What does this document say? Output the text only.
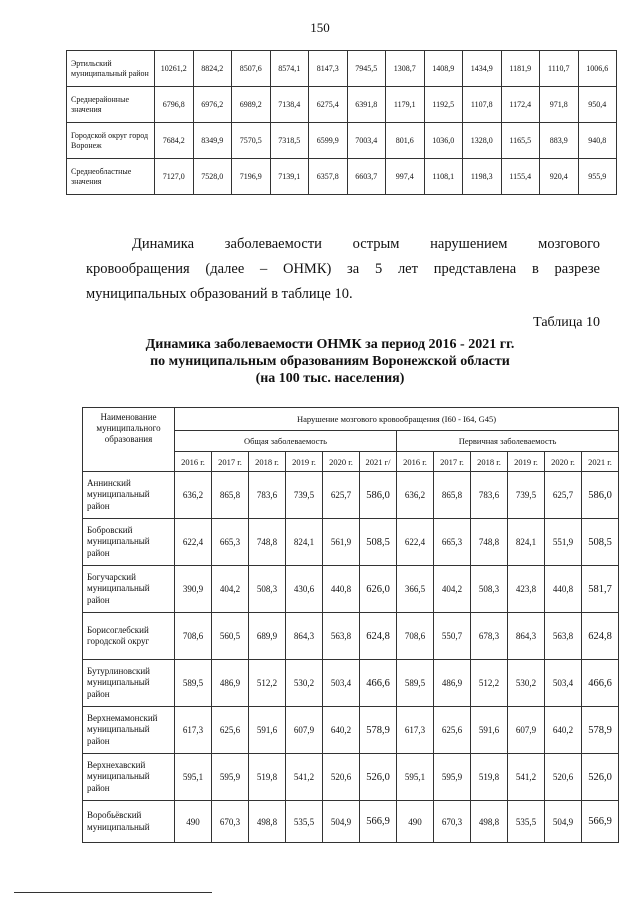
150
Эртильский муниципальный район	10261,2	8824,2	8507,6	8574,1	8147,3	7945,5	1308,7	1408,9	1434,9	1181,9	1110,7	1006,6
Среднерайонные значения	6796,8	6976,2	6989,2	7138,4	6275,4	6391,8	1179,1	1192,5	1107,8	1172,4	971,8	950,4
Городской округ город Воронеж	7684,2	8349,9	7570,5	7318,5	6599,9	7003,4	801,6	1036,0	1328,0	1165,5	883,9	940,8
Среднеобластные значения	7127,0	7528,0	7196,9	7139,1	6357,8	6603,7	997,4	1108,1	1198,3	1155,4	920,4	955,9

Динамика заболеваемости острым нарушением мозгового

кровообращения (далее – ОНМК) за 5 лет представлена в разрезе

муниципальных образований в таблице 10.

Таблица 10
Динамика заболеваемости ОНМК за период 2016 - 2021 гг.
по муниципальным образованиям Воронежской области
(на 100 тыс. населения)
Наименование муниципального образования	Нарушение мозгового кровообращения (I60 - I64, G45)											
	Общая заболеваемость						Первичная заболеваемость					
	2016 г.	2017 г.	2018 г.	2019 г.	2020 г.	2021 г/	2016 г.	2017 г.	2018 г.	2019 г.	2020 г.	2021 г.
Аннинский муниципальный район	636,2	865,8	783,6	739,5	625,7	586,0	636,2	865,8	783,6	739,5	625,7	586,0
Бобровский муниципальный район	622,4	665,3	748,8	824,1	561,9	508,5	622,4	665,3	748,8	824,1	551,9	508,5
Богучарский муниципальный район	390,9	404,2	508,3	430,6	440,8	626,0	366,5	404,2	508,3	423,8	440,8	581,7
Борисоглебский городской округ	708,6	560,5	689,9	864,3	563,8	624,8	708,6	550,7	678,3	864,3	563,8	624,8
Бутурлиновский муниципальный район	589,5	486,9	512,2	530,2	503,4	466,6	589,5	486,9	512,2	530,2	503,4	466,6
Верхнемамонский муниципальный район	617,3	625,6	591,6	607,9	640,2	578,9	617,3	625,6	591,6	607,9	640,2	578,9
Верхнехавский муниципальный район	595,1	595,9	519,8	541,2	520,6	526,0	595,1	595,9	519,8	541,2	520,6	526,0
Воробьёвский муниципальный	490	670,3	498,8	535,5	504,9	566,9	490	670,3	498,8	535,5	504,9	566,9
